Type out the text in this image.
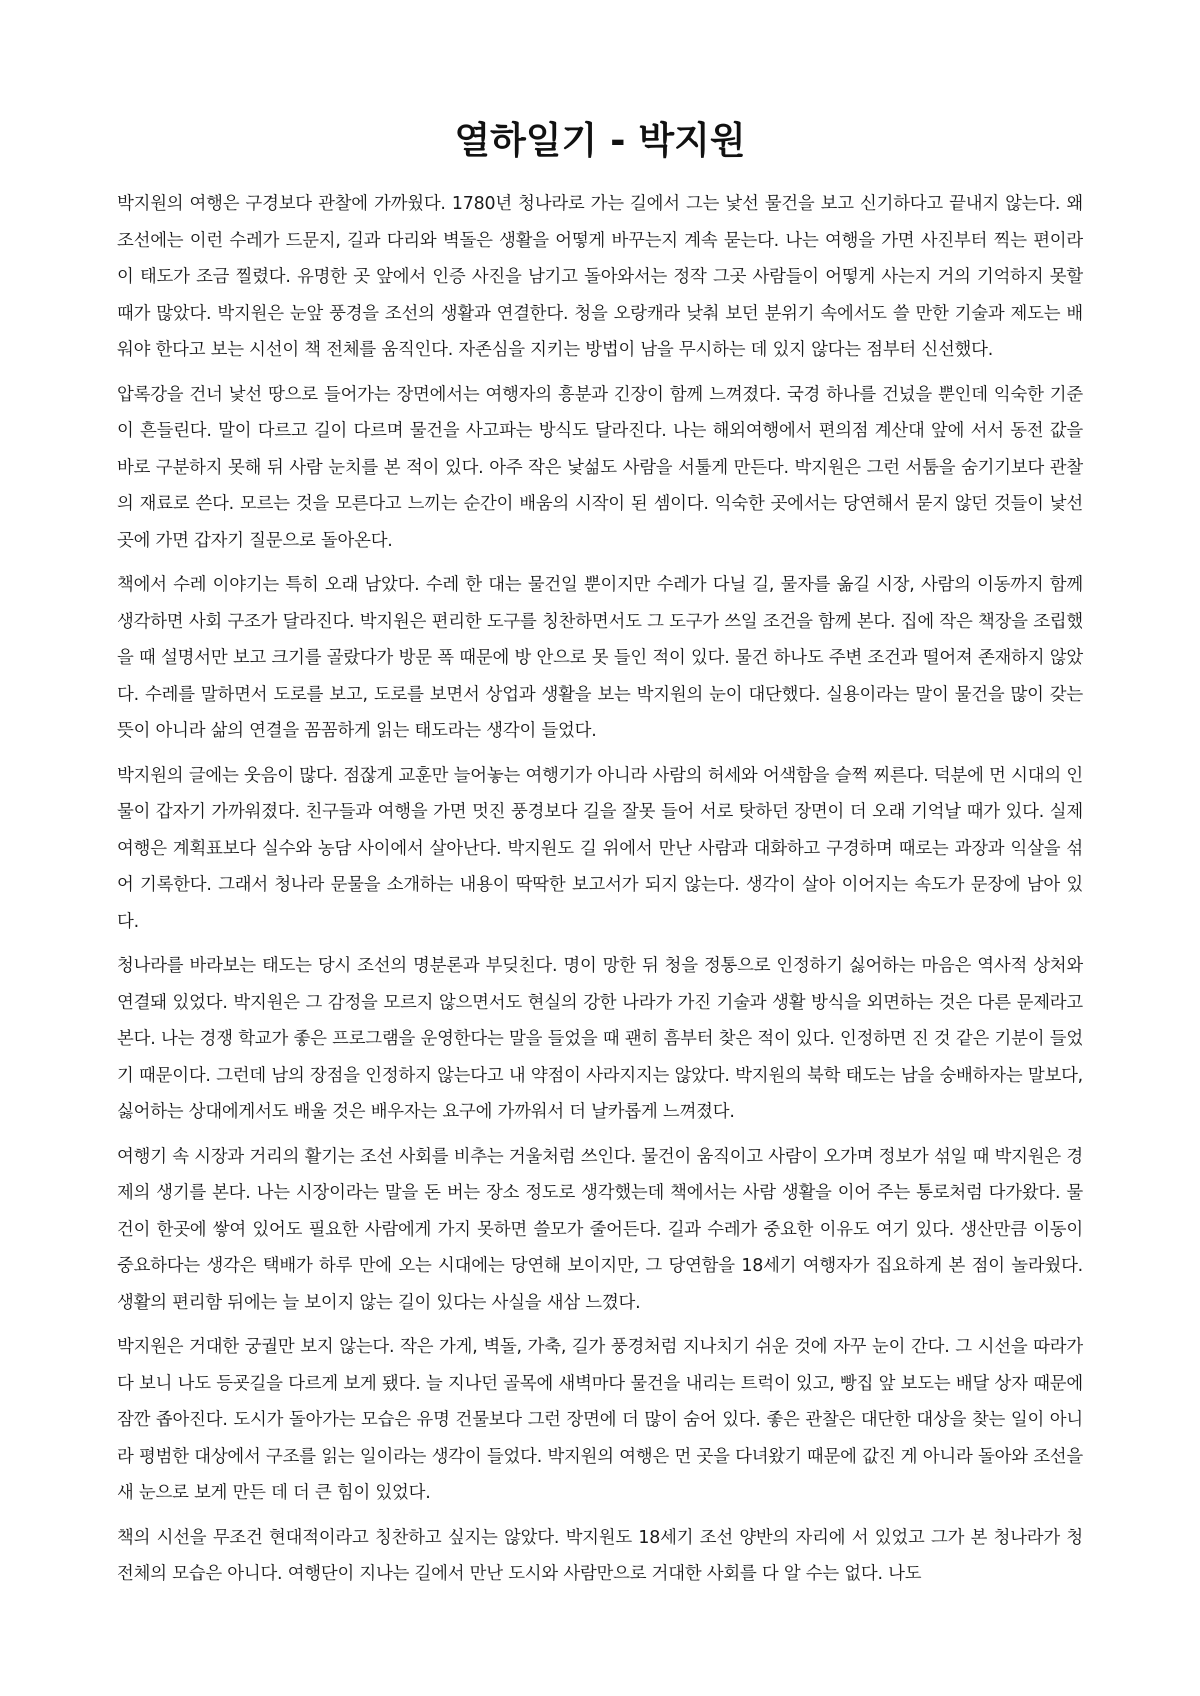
열하일기 - 박지원

박지원의 여행은 구경보다 관찰에 가까웠다. 1780년 청나라로 가는 길에서 그는 낯선 물건을 보고 신기하다고 끝내지 않는다. 왜 조선에는 이런 수레가 드문지, 길과 다리와 벽돌은 생활을 어떻게 바꾸는지 계속 묻는다. 나는 여행을 가면 사진부터 찍는 편이라 이 태도가 조금 찔렸다. 유명한 곳 앞에서 인증 사진을 남기고 돌아와서는 정작 그곳 사람들이 어떻게 사는지 거의 기억하지 못할 때가 많았다. 박지원은 눈앞 풍경을 조선의 생활과 연결한다. 청을 오랑캐라 낮춰 보던 분위기 속에서도 쓸 만한 기술과 제도는 배워야 한다고 보는 시선이 책 전체를 움직인다. 자존심을 지키는 방법이 남을 무시하는 데 있지 않다는 점부터 신선했다.

압록강을 건너 낯선 땅으로 들어가는 장면에서는 여행자의 흥분과 긴장이 함께 느껴졌다. 국경 하나를 건넜을 뿐인데 익숙한 기준이 흔들린다. 말이 다르고 길이 다르며 물건을 사고파는 방식도 달라진다. 나는 해외여행에서 편의점 계산대 앞에 서서 동전 값을 바로 구분하지 못해 뒤 사람 눈치를 본 적이 있다. 아주 작은 낯섦도 사람을 서툴게 만든다. 박지원은 그런 서툼을 숨기기보다 관찰의 재료로 쓴다. 모르는 것을 모른다고 느끼는 순간이 배움의 시작이 된 셈이다. 익숙한 곳에서는 당연해서 묻지 않던 것들이 낯선 곳에 가면 갑자기 질문으로 돌아온다.

책에서 수레 이야기는 특히 오래 남았다. 수레 한 대는 물건일 뿐이지만 수레가 다닐 길, 물자를 옮길 시장, 사람의 이동까지 함께 생각하면 사회 구조가 달라진다. 박지원은 편리한 도구를 칭찬하면서도 그 도구가 쓰일 조건을 함께 본다. 집에 작은 책장을 조립했을 때 설명서만 보고 크기를 골랐다가 방문 폭 때문에 방 안으로 못 들인 적이 있다. 물건 하나도 주변 조건과 떨어져 존재하지 않았다. 수레를 말하면서 도로를 보고, 도로를 보면서 상업과 생활을 보는 박지원의 눈이 대단했다. 실용이라는 말이 물건을 많이 갖는 뜻이 아니라 삶의 연결을 꼼꼼하게 읽는 태도라는 생각이 들었다.

박지원의 글에는 웃음이 많다. 점잖게 교훈만 늘어놓는 여행기가 아니라 사람의 허세와 어색함을 슬쩍 찌른다. 덕분에 먼 시대의 인물이 갑자기 가까워졌다. 친구들과 여행을 가면 멋진 풍경보다 길을 잘못 들어 서로 탓하던 장면이 더 오래 기억날 때가 있다. 실제 여행은 계획표보다 실수와 농담 사이에서 살아난다. 박지원도 길 위에서 만난 사람과 대화하고 구경하며 때로는 과장과 익살을 섞어 기록한다. 그래서 청나라 문물을 소개하는 내용이 딱딱한 보고서가 되지 않는다. 생각이 살아 이어지는 속도가 문장에 남아 있다.

청나라를 바라보는 태도는 당시 조선의 명분론과 부딪친다. 명이 망한 뒤 청을 정통으로 인정하기 싫어하는 마음은 역사적 상처와 연결돼 있었다. 박지원은 그 감정을 모르지 않으면서도 현실의 강한 나라가 가진 기술과 생활 방식을 외면하는 것은 다른 문제라고 본다. 나는 경쟁 학교가 좋은 프로그램을 운영한다는 말을 들었을 때 괜히 흠부터 찾은 적이 있다. 인정하면 진 것 같은 기분이 들었기 때문이다. 그런데 남의 장점을 인정하지 않는다고 내 약점이 사라지지는 않았다. 박지원의 북학 태도는 남을 숭배하자는 말보다, 싫어하는 상대에게서도 배울 것은 배우자는 요구에 가까워서 더 날카롭게 느껴졌다.

여행기 속 시장과 거리의 활기는 조선 사회를 비추는 거울처럼 쓰인다. 물건이 움직이고 사람이 오가며 정보가 섞일 때 박지원은 경제의 생기를 본다. 나는 시장이라는 말을 돈 버는 장소 정도로 생각했는데 책에서는 사람 생활을 이어 주는 통로처럼 다가왔다. 물건이 한곳에 쌓여 있어도 필요한 사람에게 가지 못하면 쓸모가 줄어든다. 길과 수레가 중요한 이유도 여기 있다. 생산만큼 이동이 중요하다는 생각은 택배가 하루 만에 오는 시대에는 당연해 보이지만, 그 당연함을 18세기 여행자가 집요하게 본 점이 놀라웠다. 생활의 편리함 뒤에는 늘 보이지 않는 길이 있다는 사실을 새삼 느꼈다.

박지원은 거대한 궁궐만 보지 않는다. 작은 가게, 벽돌, 가축, 길가 풍경처럼 지나치기 쉬운 것에 자꾸 눈이 간다. 그 시선을 따라가다 보니 나도 등굣길을 다르게 보게 됐다. 늘 지나던 골목에 새벽마다 물건을 내리는 트럭이 있고, 빵집 앞 보도는 배달 상자 때문에 잠깐 좁아진다. 도시가 돌아가는 모습은 유명 건물보다 그런 장면에 더 많이 숨어 있다. 좋은 관찰은 대단한 대상을 찾는 일이 아니라 평범한 대상에서 구조를 읽는 일이라는 생각이 들었다. 박지원의 여행은 먼 곳을 다녀왔기 때문에 값진 게 아니라 돌아와 조선을 새 눈으로 보게 만든 데 더 큰 힘이 있었다.

책의 시선을 무조건 현대적이라고 칭찬하고 싶지는 않았다. 박지원도 18세기 조선 양반의 자리에 서 있었고 그가 본 청나라가 청 전체의 모습은 아니다. 여행단이 지나는 길에서 만난 도시와 사람만으로 거대한 사회를 다 알 수는 없다. 나도
